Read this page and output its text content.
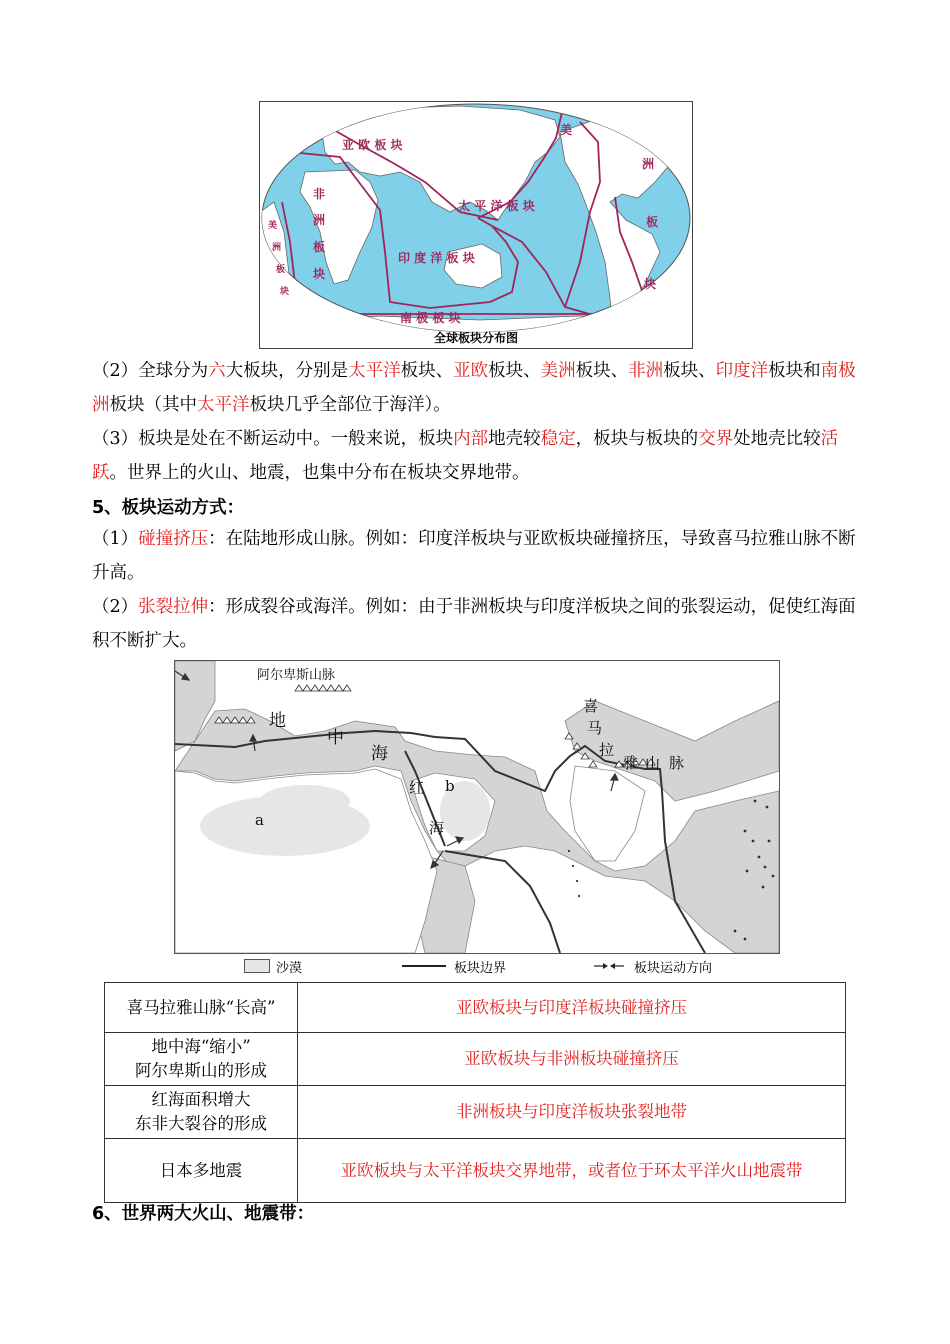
亚 欧 板 块
太 平 洋 板 块
印 度 洋 板 块
南 极 板 块
非
洲
板
块
美
洲
板
块
美
洲
板
块
全球板块分布图

（2）全球分为六大板块，分别是太平洋板块、亚欧板块、美洲板块、非洲板块、印度洋板块和南极洲板块（其中太平洋板块几乎全部位于海洋）。

（3）板块是处在不断运动中。一般来说，板块内部地壳较稳定，板块与板块的交界处地壳比较活跃。世界上的火山、地震，也集中分布在板块交界地带。

5、板块运动方式：

（1）碰撞挤压：在陆地形成山脉。例如：印度洋板块与亚欧板块碰撞挤压，导致喜马拉雅山脉不断升高。

（2）张裂拉伸：形成裂谷或海洋。例如：由于非洲板块与印度洋板块之间的张裂运动，促使红海面积不断扩大。

阿尔卑斯山脉
地
中
海
喜
马
拉
雅 山 脉
红
海
a
b
沙漠	板块边界	板块运动方向
喜马拉雅山脉“长高”	亚欧板块与印度洋板块碰撞挤压
地中海“缩小”
阿尔卑斯山的形成	亚欧板块与非洲板块碰撞挤压
红海面积增大
东非大裂谷的形成	非洲板块与印度洋板块张裂地带
日本多地震	亚欧板块与太平洋板块交界地带，或者位于环太平洋火山地震带
6、世界两大火山、地震带：
